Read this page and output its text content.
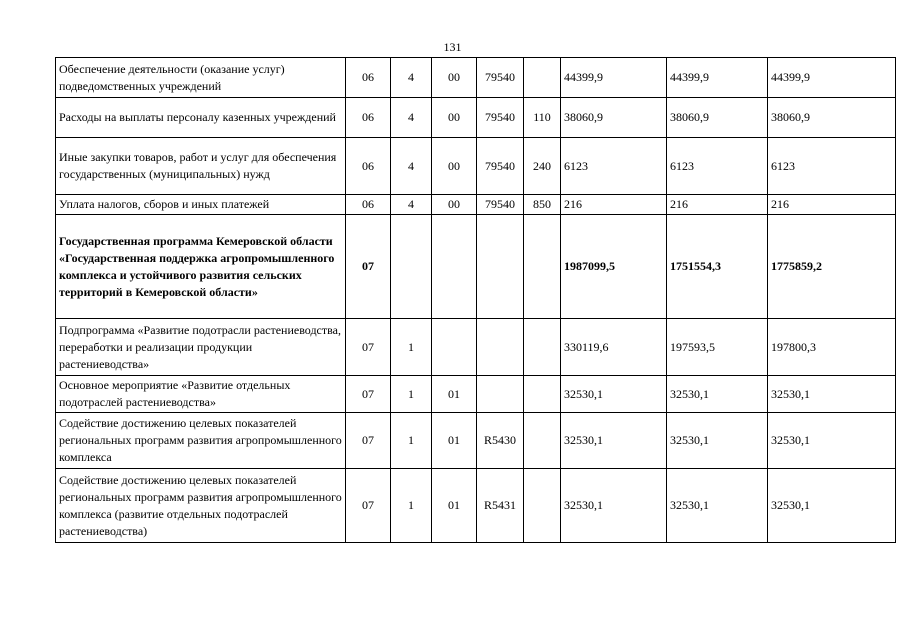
131
Обеспечение деятельности (оказание услуг) подведомственных учреждений	06	4	00	79540		44399,9	44399,9	44399,9
Расходы на выплаты персоналу казенных учреждений	06	4	00	79540	110	38060,9	38060,9	38060,9
Иные закупки товаров, работ и услуг для обеспечения государственных (муниципальных) нужд	06	4	00	79540	240	6123	6123	6123
Уплата налогов, сборов и иных платежей	06	4	00	79540	850	216	216	216
Государственная программа Кемеровской области «Государственная поддержка агропромышленного комплекса и устойчивого развития сельских территорий в Кемеровской области»	07					1987099,5	1751554,3	1775859,2
Подпрограмма «Развитие подотрасли растениеводства, переработки и реализации продукции растениеводства»	07	1				330119,6	197593,5	197800,3
Основное мероприятие «Развитие отдельных подотраслей растениеводства»	07	1	01			32530,1	32530,1	32530,1
Содействие достижению целевых показателей региональных программ развития агропромышленного комплекса	07	1	01	R5430		32530,1	32530,1	32530,1
Содействие достижению целевых показателей региональных программ развития агропромышленного комплекса (развитие отдельных подотраслей растениеводства)	07	1	01	R5431		32530,1	32530,1	32530,1
